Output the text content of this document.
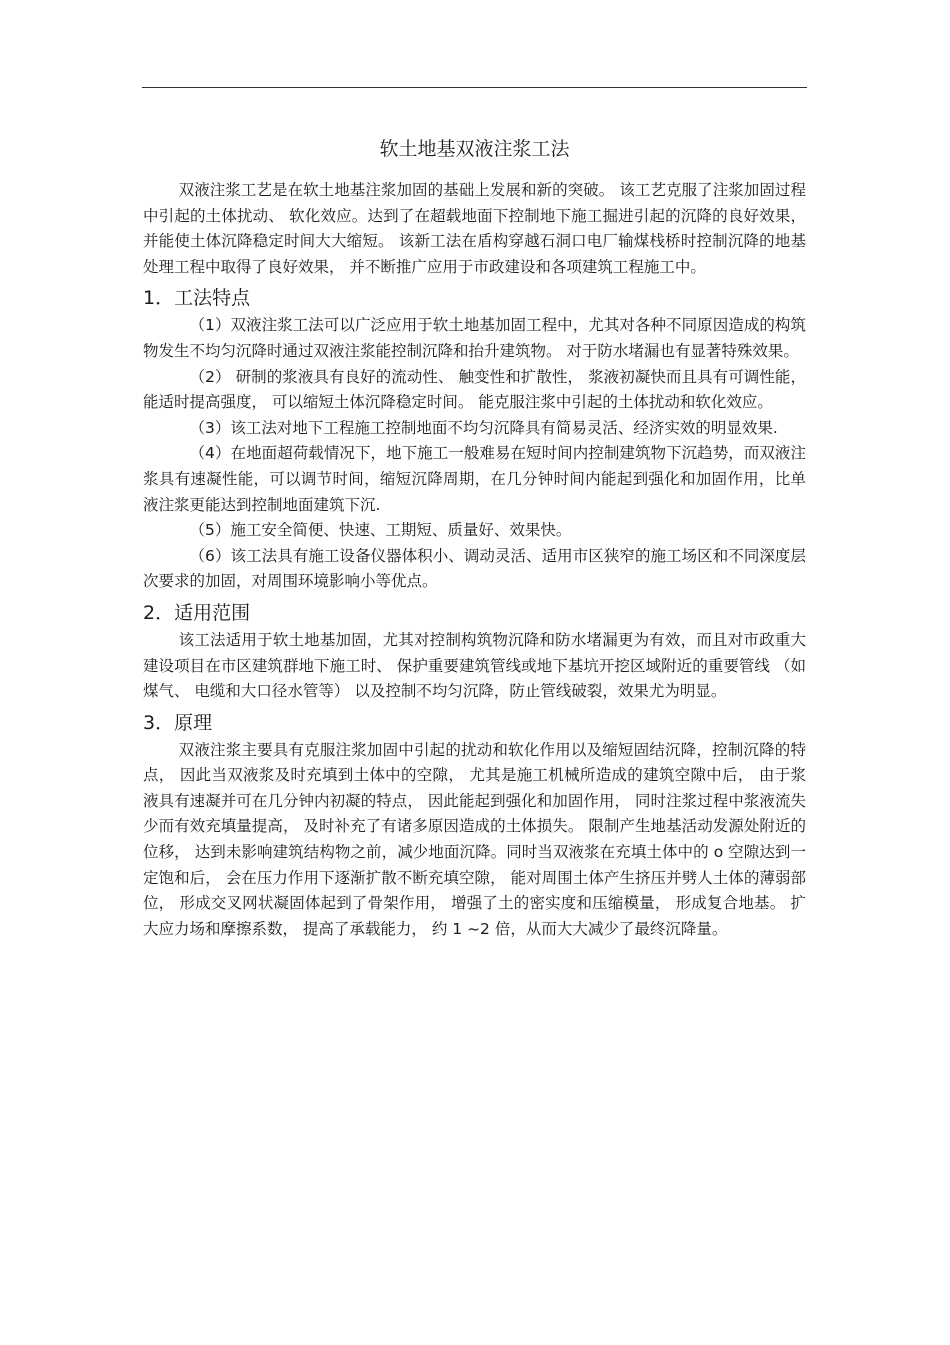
软土地基双液注浆工法

双液注浆工艺是在软土地基注浆加固的基础上发展和新的突破。 该工艺克服了注浆加固过程中引起的土体扰动、 软化效应。达到了在超载地面下控制地下施工掘进引起的沉降的良好效果， 并能使土体沉降稳定时间大大缩短。 该新工法在盾构穿越石洞口电厂输煤栈桥时控制沉降的地基处理工程中取得了良好效果， 并不断推广应用于市政建设和各项建筑工程施工中。

1．工法特点

（1）双液注浆工法可以广泛应用于软土地基加固工程中，尤其对各种不同原因造成的构筑物发生不均匀沉降时通过双液注浆能控制沉降和抬升建筑物。 对于防水堵漏也有显著特殊效果。

（2） 研制的浆液具有良好的流动性、 触变性和扩散性， 浆液初凝快而且具有可调性能， 能适时提高强度， 可以缩短土体沉降稳定时间。 能克服注浆中引起的土体扰动和软化效应。

（3）该工法对地下工程施工控制地面不均匀沉降具有简易灵活、经济实效的明显效果.

（4）在地面超荷载情况下，地下施工一般难易在短时间内控制建筑物下沉趋势，而双液注浆具有速凝性能，可以调节时间，缩短沉降周期，在几分钟时间内能起到强化和加固作用，比单液注浆更能达到控制地面建筑下沉.

（5）施工安全简便、快速、工期短、质量好、效果快。

（6）该工法具有施工设备仪器体积小、调动灵活、适用市区狭窄的施工场区和不同深度层次要求的加固，对周围环境影响小等优点。

2．适用范围

该工法适用于软土地基加固，尤其对控制构筑物沉降和防水堵漏更为有效，而且对市政重大建设项目在市区建筑群地下施工时、 保护重要建筑管线或地下基坑开挖区域附近的重要管线 （如煤气、 电缆和大口径水管等） 以及控制不均匀沉降，防止管线破裂，效果尤为明显。

3．原理

双液注浆主要具有克服注浆加固中引起的扰动和软化作用以及缩短固结沉降，控制沉降的特点， 因此当双液浆及时充填到土体中的空隙， 尤其是施工机械所造成的建筑空隙中后， 由于浆液具有速凝并可在几分钟内初凝的特点， 因此能起到强化和加固作用， 同时注浆过程中浆液流失少而有效充填量提高， 及时补充了有诸多原因造成的土体损失。 限制产生地基活动发源处附近的位移， 达到未影响建筑结构物之前，减少地面沉降。同时当双液浆在充填土体中的 o 空隙达到一定饱和后， 会在压力作用下逐渐扩散不断充填空隙， 能对周围土体产生挤压并劈人土体的薄弱部位， 形成交叉网状凝固体起到了骨架作用， 增强了土的密实度和压缩模量， 形成复合地基。 扩大应力场和摩擦系数， 提高了承载能力， 约 1 ~2 倍，从而大大减少了最终沉降量。
